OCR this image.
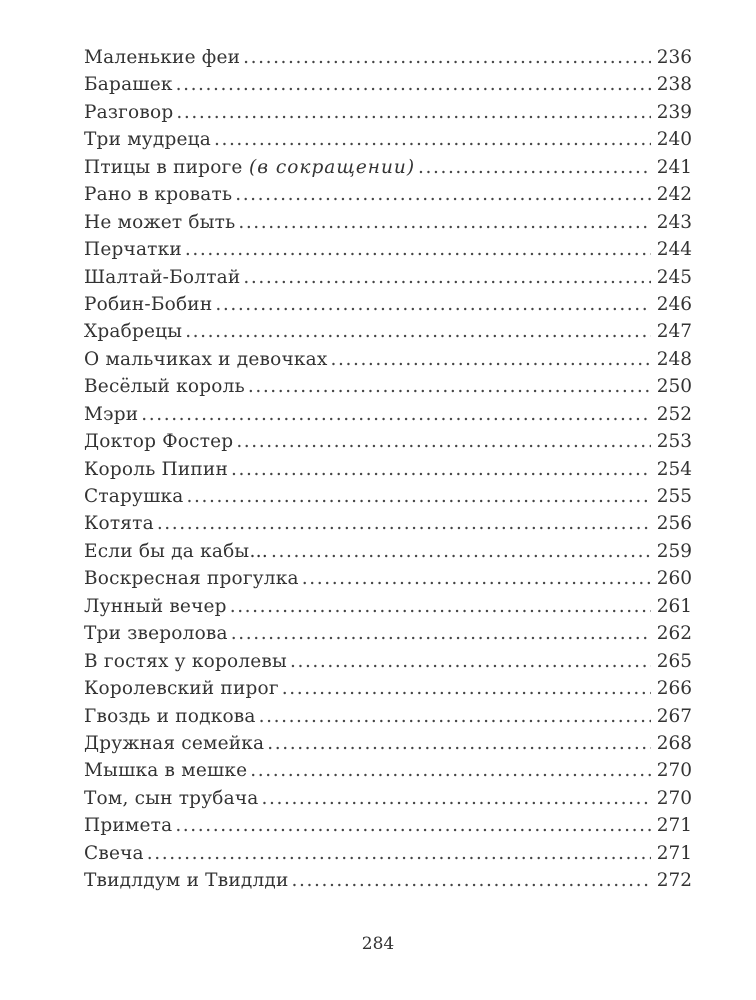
Маленькие феи .....	236
Барашек .....	238
Разговор .....	239
Три мудреца .....	240
Птицы в пироге (в сокращении) .....	241
Рано в кровать .....	242
Не может быть .....	243
Перчатки .....	244
Шалтай-Болтай .....	245
Робин-Бобин .....	246
Храбрецы .....	247
О мальчиках и девочках .....	248
Весёлый король .....	250
Мэри .....	252
Доктор Фостер .....	253
Король Пипин .....	254
Старушка .....	255
Котята .....	256
Если бы да кабы… .....	259
Воскресная прогулка .....	260
Лунный вечер .....	261
Три зверолова .....	262
В гостях у королевы .....	265
Королевский пирог .....	266
Гвоздь и подкова .....	267
Дружная семейка .....	268
Мышка в мешке .....	270
Том, сын трубача .....	270
Примета .....	271
Свеча .....	271
Твидлдум и Твидлди .....	272
284
